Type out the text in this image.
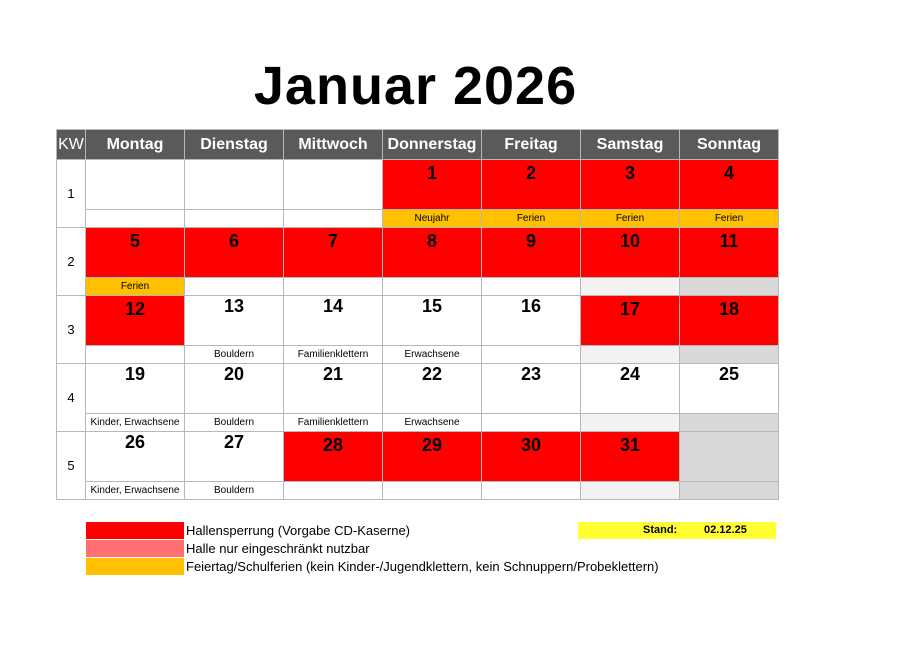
Januar 2026
KW	Montag	Dienstag	Mittwoch	Donnerstag	Freitag	Samstag	Sonntag
1				1	2	3	4
				Neujahr	Ferien	Ferien	Ferien
2	5	6	7	8	9	10	11
	Ferien						
3	12	13	14	15	16	17	18
		Bouldern	Familienklettern	Erwachsene			
4	19	20	21	22	23	24	25
	Kinder, Erwachsene	Bouldern	Familienklettern	Erwachsene			
5	26	27	28	29	30	31	
	Kinder, Erwachsene	Bouldern					
Hallensperrung (Vorgabe CD-Kaserne)
Halle nur eingeschränkt nutzbar
Feiertag/Schulferien (kein Kinder-/Jugendklettern, kein Schnuppern/Probeklettern)
Stand: 02.12.25
